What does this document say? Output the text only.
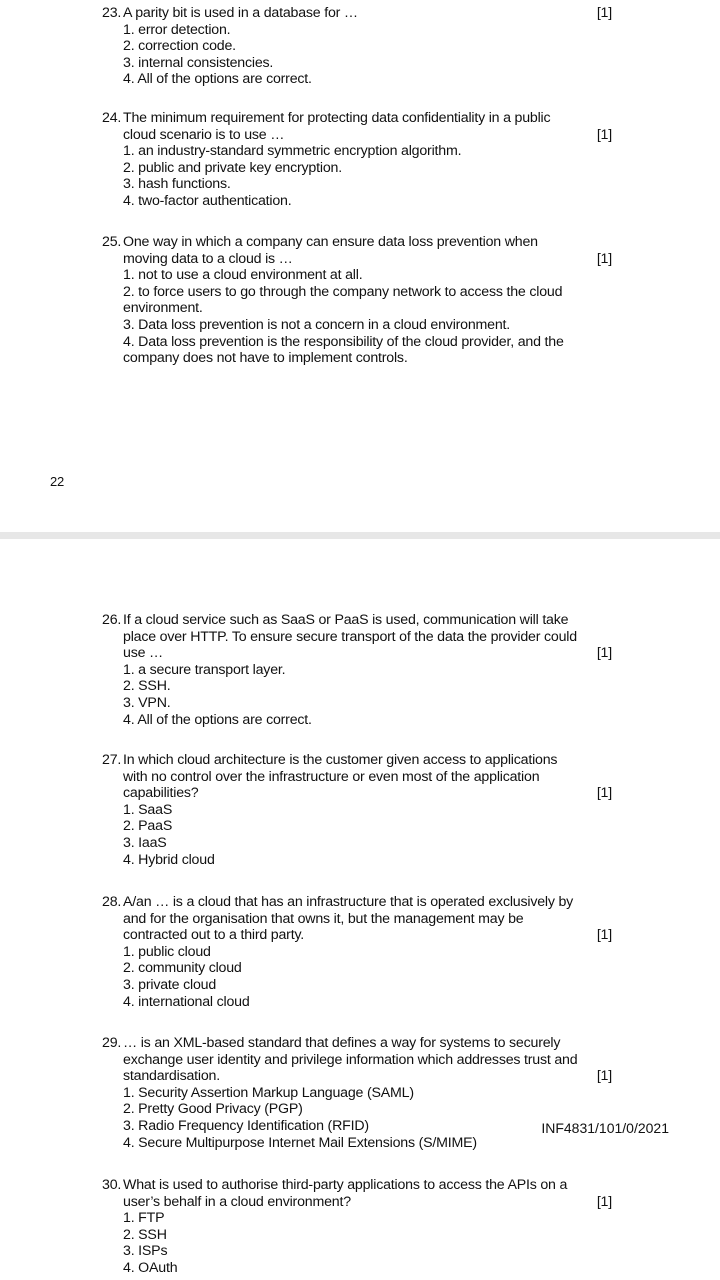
23.	[1]
A parity bit is used in a database for …
1. error detection.
2. correction code.
3. internal consistencies.
4. All of the options are correct.
24. The minimum requirement for protecting data confidentiality in a public

[1]
cloud scenario is to use …
1. an industry-standard symmetric encryption algorithm.
2. public and private key encryption.
3. hash functions.
4. two-factor authentication.
25. One way in which a company can ensure data loss prevention when

[1]
moving data to a cloud is …
1. not to use a cloud environment at all.
2. to force users to go through the company network to access the cloud environment.
3. Data loss prevention is not a concern in a cloud environment.
4. Data loss prevention is the responsibility of the cloud provider, and the company does not have to implement controls.
22
INF4831/101/0/2021
26. If a cloud service such as SaaS or PaaS is used, communication will take
place over HTTP. To ensure secure transport of the data the provider could

[1]
use …
1. a secure transport layer.
2. SSH.
3. VPN.
4. All of the options are correct.
27. In which cloud architecture is the customer given access to applications
with no control over the infrastructure or even most of the application

[1]
capabilities?
1. SaaS
2. PaaS
3. IaaS
4. Hybrid cloud
28. A/an … is a cloud that has an infrastructure that is operated exclusively by
and for the organisation that owns it, but the management may be

[1]
contracted out to a third party.
1. public cloud
2. community cloud
3. private cloud
4. international cloud
29. … is an XML-based standard that defines a way for systems to securely
exchange user identity and privilege information which addresses trust and

[1]
standardisation.
1. Security Assertion Markup Language (SAML)
2. Pretty Good Privacy (PGP)
3. Radio Frequency Identification (RFID)
4. Secure Multipurpose Internet Mail Extensions (S/MIME)
30. What is used to authorise third-party applications to access the APIs on a

[1]
user’s behalf in a cloud environment?
1. FTP
2. SSH
3. ISPs
4. OAuth
